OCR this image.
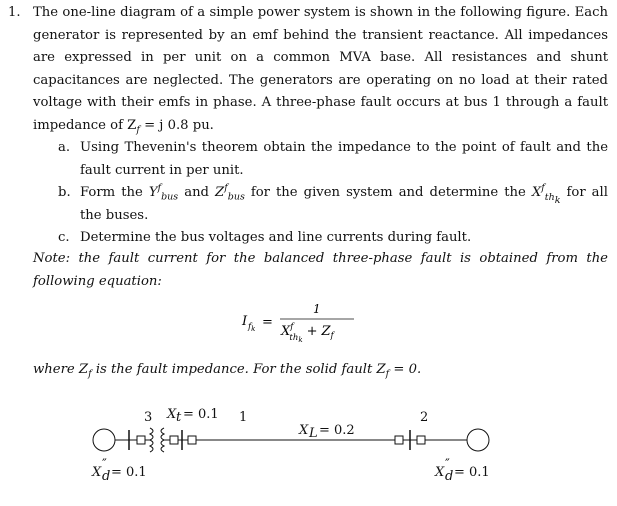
1. The one-line diagram of a simple power system is shown in the following figure. Each generator is represented by an emf behind the transient reactance. All impedances are expressed in per unit on a common MVA base. All resistances and shunt capacitances are neglected. The generators are operating on no load at their rated voltage with their emfs in phase. A three-phase fault occurs at bus 1 through a fault impedance of $Z_f = j$ 0.8 pu.
a. Using Thevenin's theorem obtain the impedance to the point of fault and the fault current in per unit.
b. Form the $Y^f_{bus}$ and $Z^f_{bus}$ for the given system and determine the $X^f_{th_k}$ for all the buses.
c. Determine the bus voltages and line currents during fault.
Note: the fault current for the balanced three-phase fault is obtained from the following equation:
I $f_k$ =
1
$X^f$ $thk+ Z_f$
where $Z_f$ is the fault impedance. For the solid fault $Z_f = 0$.
3	1	2
X t = 0.1
X L = 0.2
X
″
d = 0.1	X
″
d = 0.1
